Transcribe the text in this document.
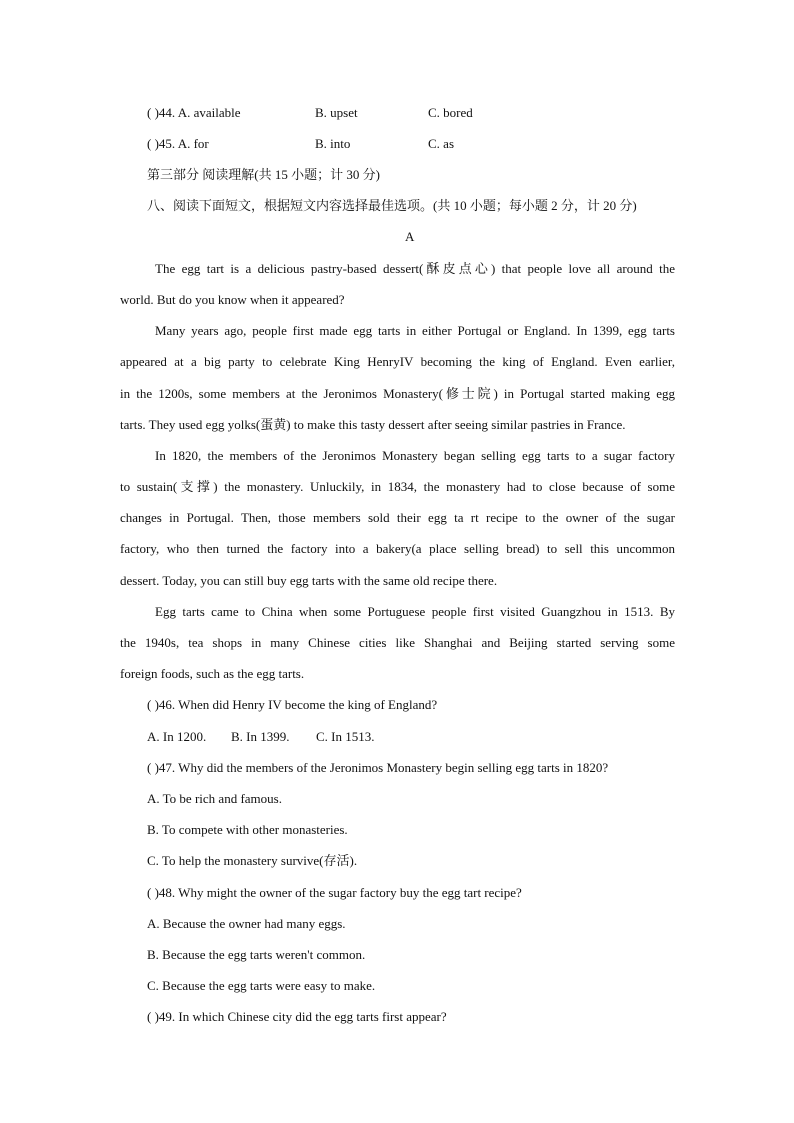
( )44. A. available	B. upset	C. bored
( )45. A. for	B. into	C. as
第三部分 阅读理解(共 15 小题；计 30 分)
八、阅读下面短文，根据短文内容选择最佳选项。(共 10 小题；每小题 2 分，计 20 分)
A
The egg tart is a delicious pastry-based dessert(酥皮点心) that people love all around the
world. But do you know when it appeared?
Many years ago, people first made egg tarts in either Portugal or England. In 1399, egg tarts
appeared at a big party to celebrate King HenryIV becoming the king of England. Even earlier,
in the 1200s, some members at the Jeronimos Monastery(修士院) in Portugal started making egg
tarts. They used egg yolks(蛋黄) to make this tasty dessert after seeing similar pastries in France.
In 1820, the members of the Jeronimos Monastery began selling egg tarts to a sugar factory
to sustain(支撑) the monastery. Unluckily, in 1834, the monastery had to close because of some
changes in Portugal. Then, those members sold their egg ta rt recipe to the owner of the sugar
factory, who then turned the factory into a bakery(a place selling bread) to sell this uncommon
dessert. Today, you can still buy egg tarts with the same old recipe there.
Egg tarts came to China when some Portuguese people first visited Guangzhou in 1513. By
the 1940s, tea shops in many Chinese cities like Shanghai and Beijing started serving some
foreign foods, such as the egg tarts.
( )46. When did Henry IV become the king of England?
A. In 1200. B. In 1399. C. In 1513.
( )47. Why did the members of the Jeronimos Monastery begin selling egg tarts in 1820?
A. To be rich and famous.
B. To compete with other monasteries.
C. To help the monastery survive(存活).
( )48. Why might the owner of the sugar factory buy the egg tart recipe?
A. Because the owner had many eggs.
B. Because the egg tarts weren't common.
C. Because the egg tarts were easy to make.
( )49. In which Chinese city did the egg tarts first appear?
